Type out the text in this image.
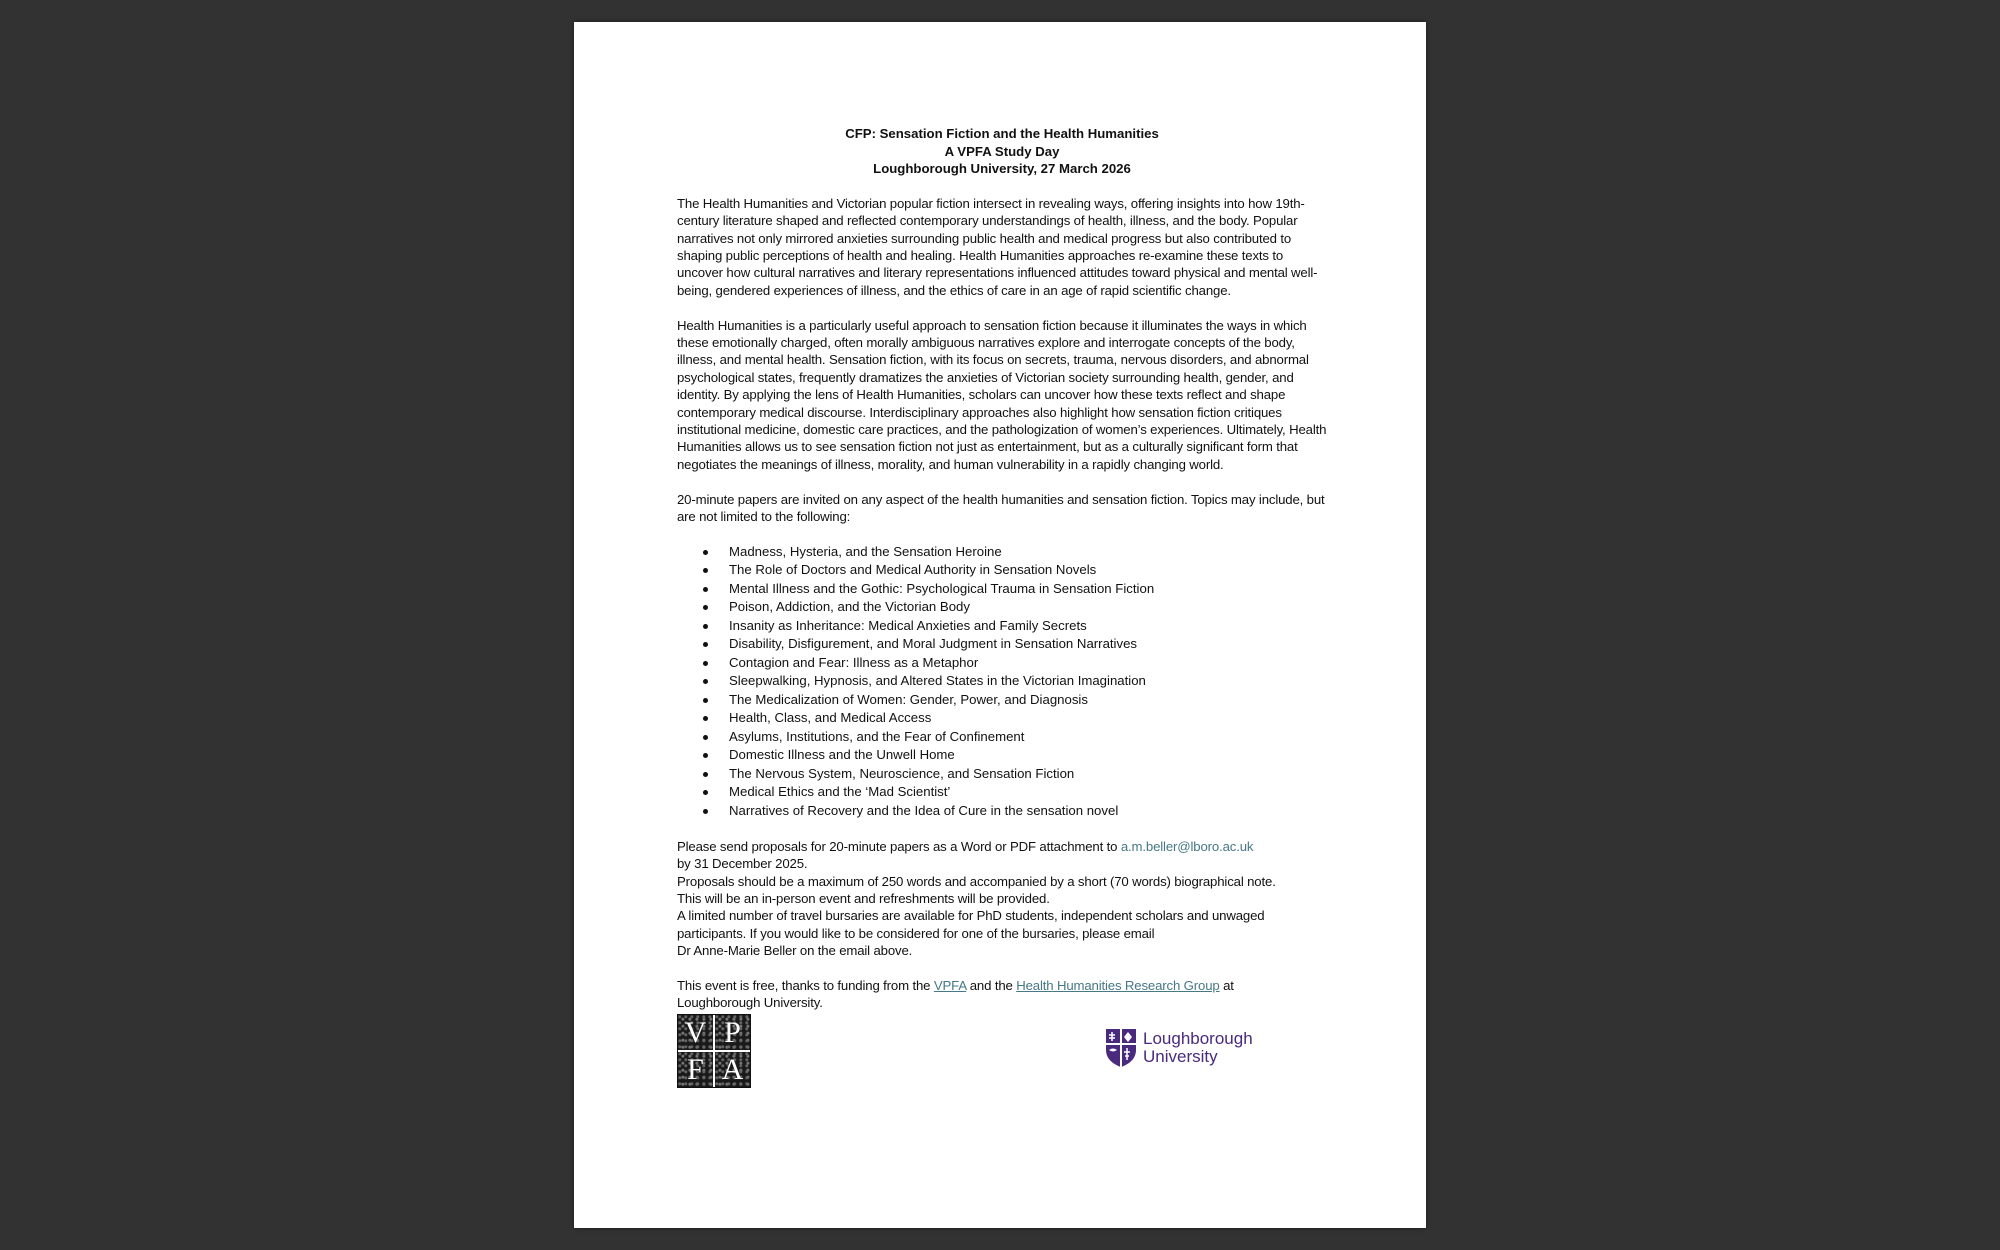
CFP: Sensation Fiction and the Health Humanities
A VPFA Study Day
Loughborough University, 27 March 2026

The Health Humanities and Victorian popular fiction intersect in revealing ways, offering insights into how 19th-century literature shaped and reflected contemporary understandings of health, illness, and the body. Popular narratives not only mirrored anxieties surrounding public health and medical progress but also contributed to shaping public perceptions of health and healing. Health Humanities approaches re-examine these texts to uncover how cultural narratives and literary representations influenced attitudes toward physical and mental well-being, gendered experiences of illness, and the ethics of care in an age of rapid scientific change.

Health Humanities is a particularly useful approach to sensation fiction because it illuminates the ways in which these emotionally charged, often morally ambiguous narratives explore and interrogate concepts of the body, illness, and mental health. Sensation fiction, with its focus on secrets, trauma, nervous disorders, and abnormal psychological states, frequently dramatizes the anxieties of Victorian society surrounding health, gender, and identity. By applying the lens of Health Humanities, scholars can uncover how these texts reflect and shape contemporary medical discourse. Interdisciplinary approaches also highlight how sensation fiction critiques institutional medicine, domestic care practices, and the pathologization of women’s experiences. Ultimately, Health Humanities allows us to see sensation fiction not just as entertainment, but as a culturally significant form that negotiates the meanings of illness, morality, and human vulnerability in a rapidly changing world.

20-minute papers are invited on any aspect of the health humanities and sensation fiction. Topics may include, but are not limited to the following:

Madness, Hysteria, and the Sensation Heroine
The Role of Doctors and Medical Authority in Sensation Novels
Mental Illness and the Gothic: Psychological Trauma in Sensation Fiction
Poison, Addiction, and the Victorian Body
Insanity as Inheritance: Medical Anxieties and Family Secrets
Disability, Disfigurement, and Moral Judgment in Sensation Narratives
Contagion and Fear: Illness as a Metaphor
Sleepwalking, Hypnosis, and Altered States in the Victorian Imagination
The Medicalization of Women: Gender, Power, and Diagnosis
Health, Class, and Medical Access
Asylums, Institutions, and the Fear of Confinement
Domestic Illness and the Unwell Home
The Nervous System, Neuroscience, and Sensation Fiction
Medical Ethics and the ‘Mad Scientist’
Narratives of Recovery and the Idea of Cure in the sensation novel
Please send proposals for 20-minute papers as a Word or PDF attachment to a.m.beller@lboro.ac.uk
by 31 December 2025.
Proposals should be a maximum of 250 words and accompanied by a short (70 words) biographical note.
This will be an in-person event and refreshments will be provided.
A limited number of travel bursaries are available for PhD students, independent scholars and unwaged
participants. If you would like to be considered for one of the bursaries, please email
Dr Anne-Marie Beller on the email above.
This event is free, thanks to funding from the VPFA and the Health Humanities Research Group at
Loughborough University.
V P
F A
Loughborough
University
